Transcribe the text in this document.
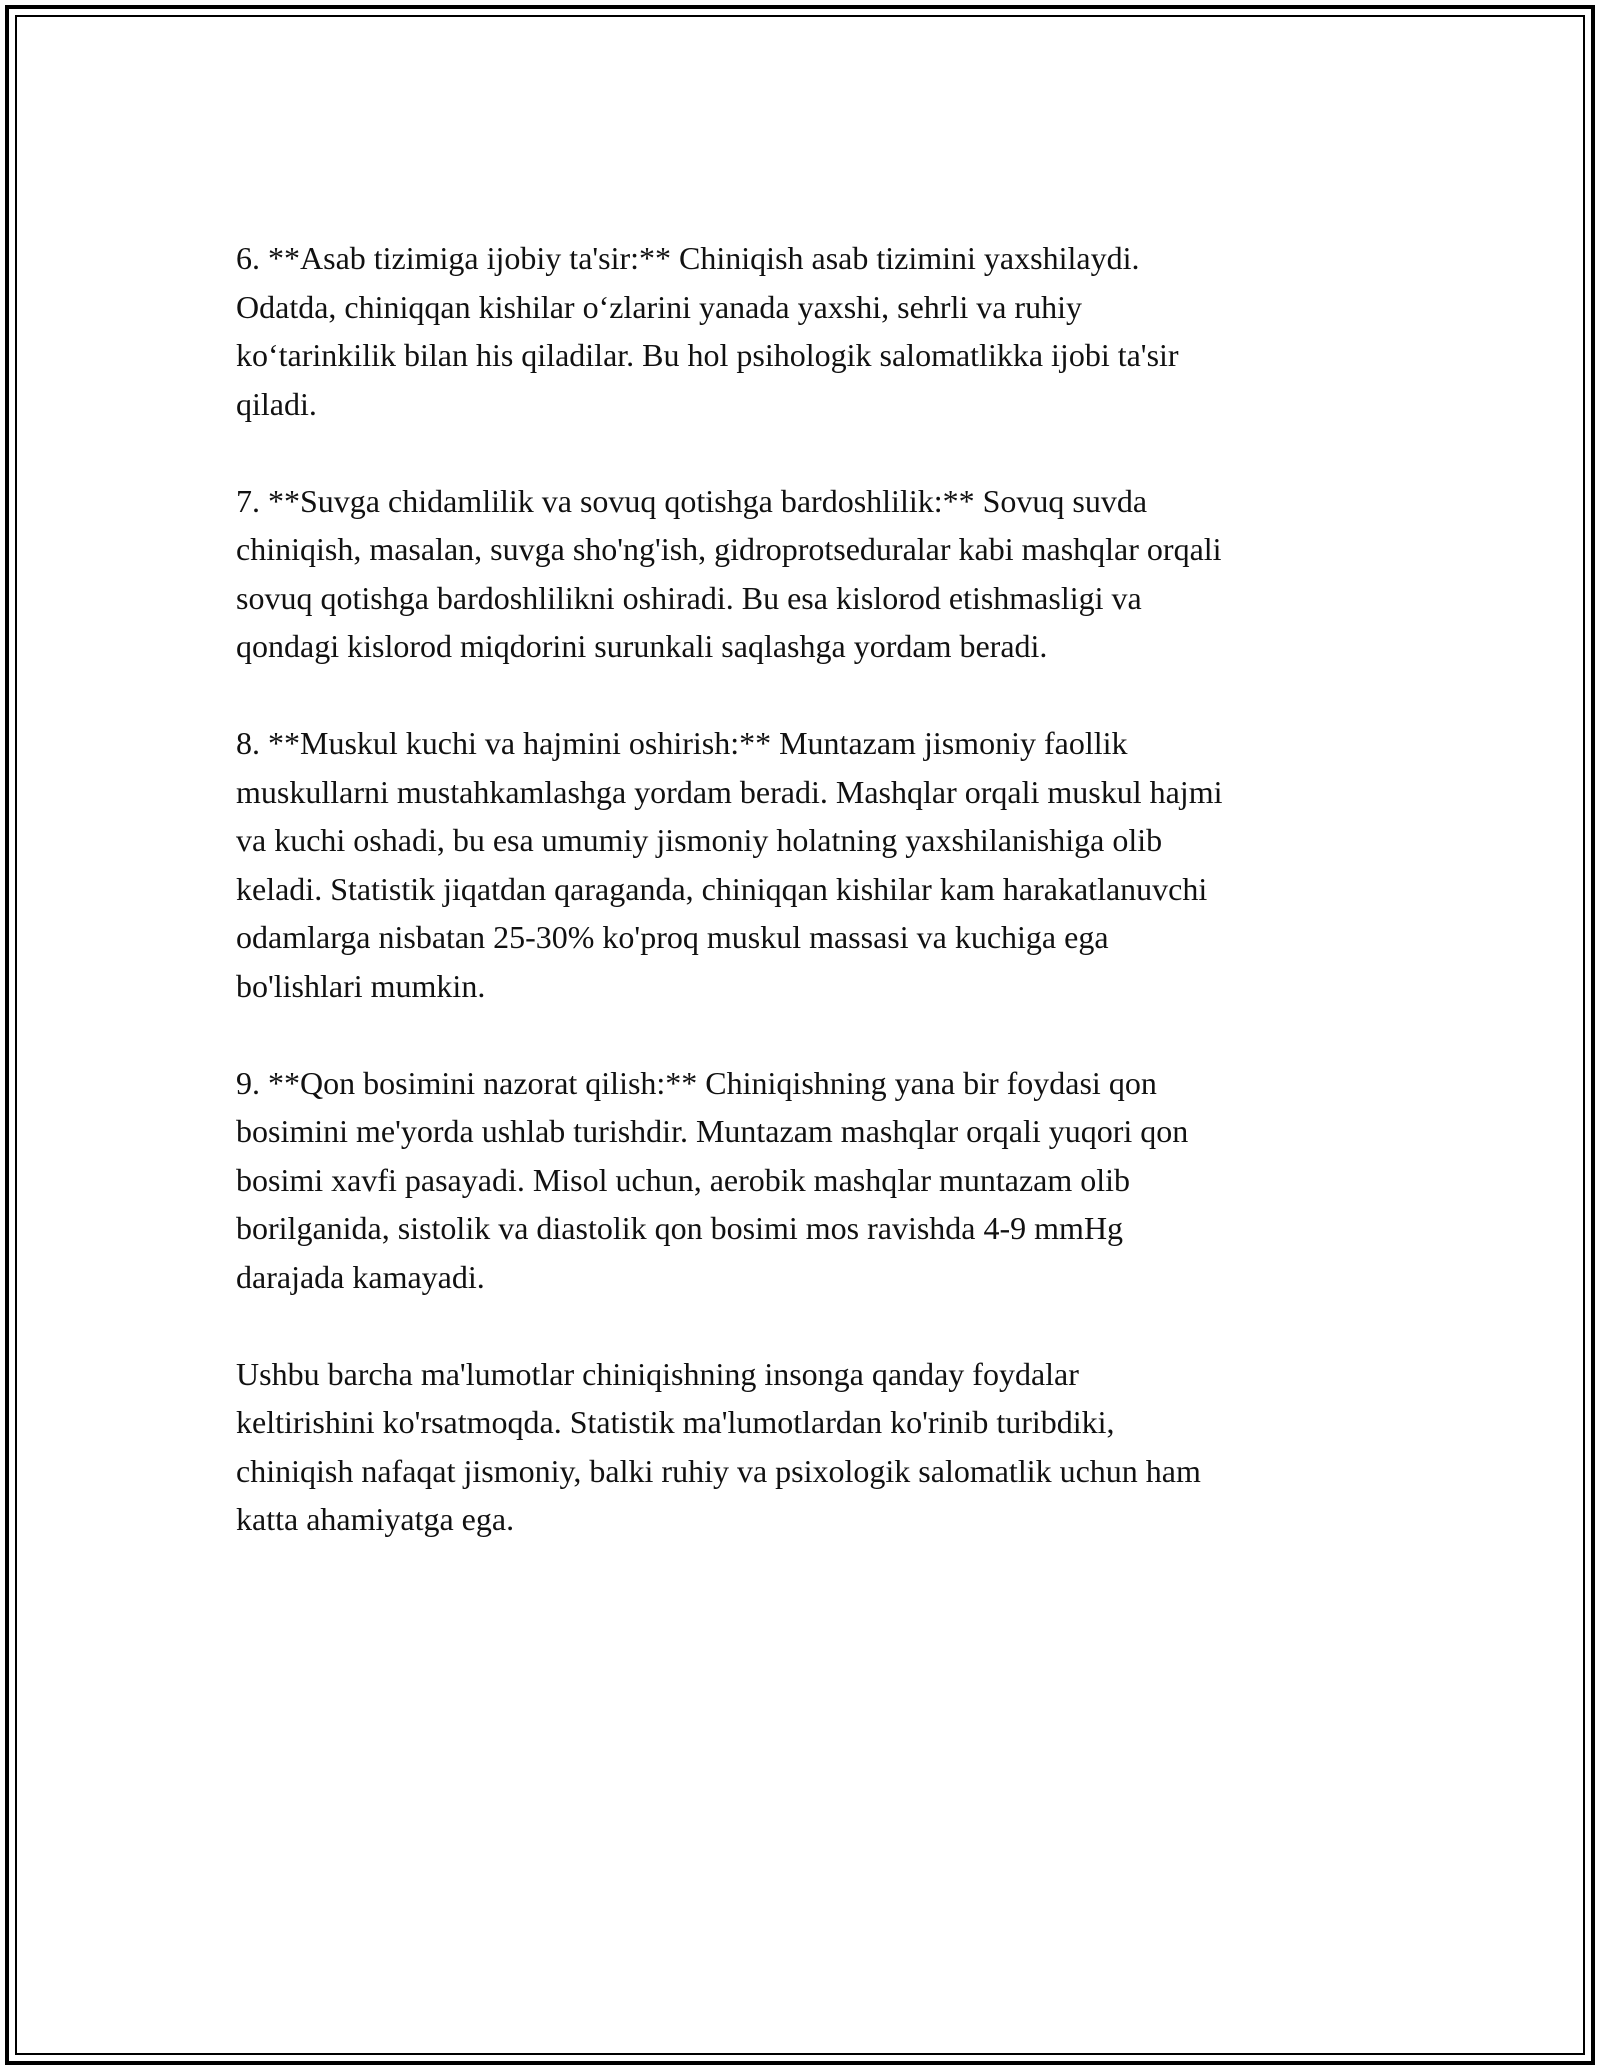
6. **Asab tizimiga ijobiy ta'sir:** Chiniqish asab tizimini yaxshilaydi.
Odatda, chiniqqan kishilar o‘zlarini yanada yaxshi, sehrli va ruhiy
ko‘tarinkilik bilan his qiladilar. Bu hol psihologik salomatlikka ijobi ta'sir
qiladi.
7. **Suvga chidamlilik va sovuq qotishga bardoshlilik:** Sovuq suvda
chiniqish, masalan, suvga sho'ng'ish, gidroprotseduralar kabi mashqlar orqali
sovuq qotishga bardoshlilikni oshiradi. Bu esa kislorod etishmasligi va
qondagi kislorod miqdorini surunkali saqlashga yordam beradi.
8. **Muskul kuchi va hajmini oshirish:** Muntazam jismoniy faollik
muskullarni mustahkamlashga yordam beradi. Mashqlar orqali muskul hajmi
va kuchi oshadi, bu esa umumiy jismoniy holatning yaxshilanishiga olib
keladi. Statistik jiqatdan qaraganda, chiniqqan kishilar kam harakatlanuvchi
odamlarga nisbatan 25-30% ko'proq muskul massasi va kuchiga ega
bo'lishlari mumkin.
9. **Qon bosimini nazorat qilish:** Chiniqishning yana bir foydasi qon
bosimini me'yorda ushlab turishdir. Muntazam mashqlar orqali yuqori qon
bosimi xavfi pasayadi. Misol uchun, aerobik mashqlar muntazam olib
borilganida, sistolik va diastolik qon bosimi mos ravishda 4-9 mmHg
darajada kamayadi.
Ushbu barcha ma'lumotlar chiniqishning insonga qanday foydalar
keltirishini ko'rsatmoqda. Statistik ma'lumotlardan ko'rinib turibdiki,
chiniqish nafaqat jismoniy, balki ruhiy va psixologik salomatlik uchun ham
katta ahamiyatga ega.
